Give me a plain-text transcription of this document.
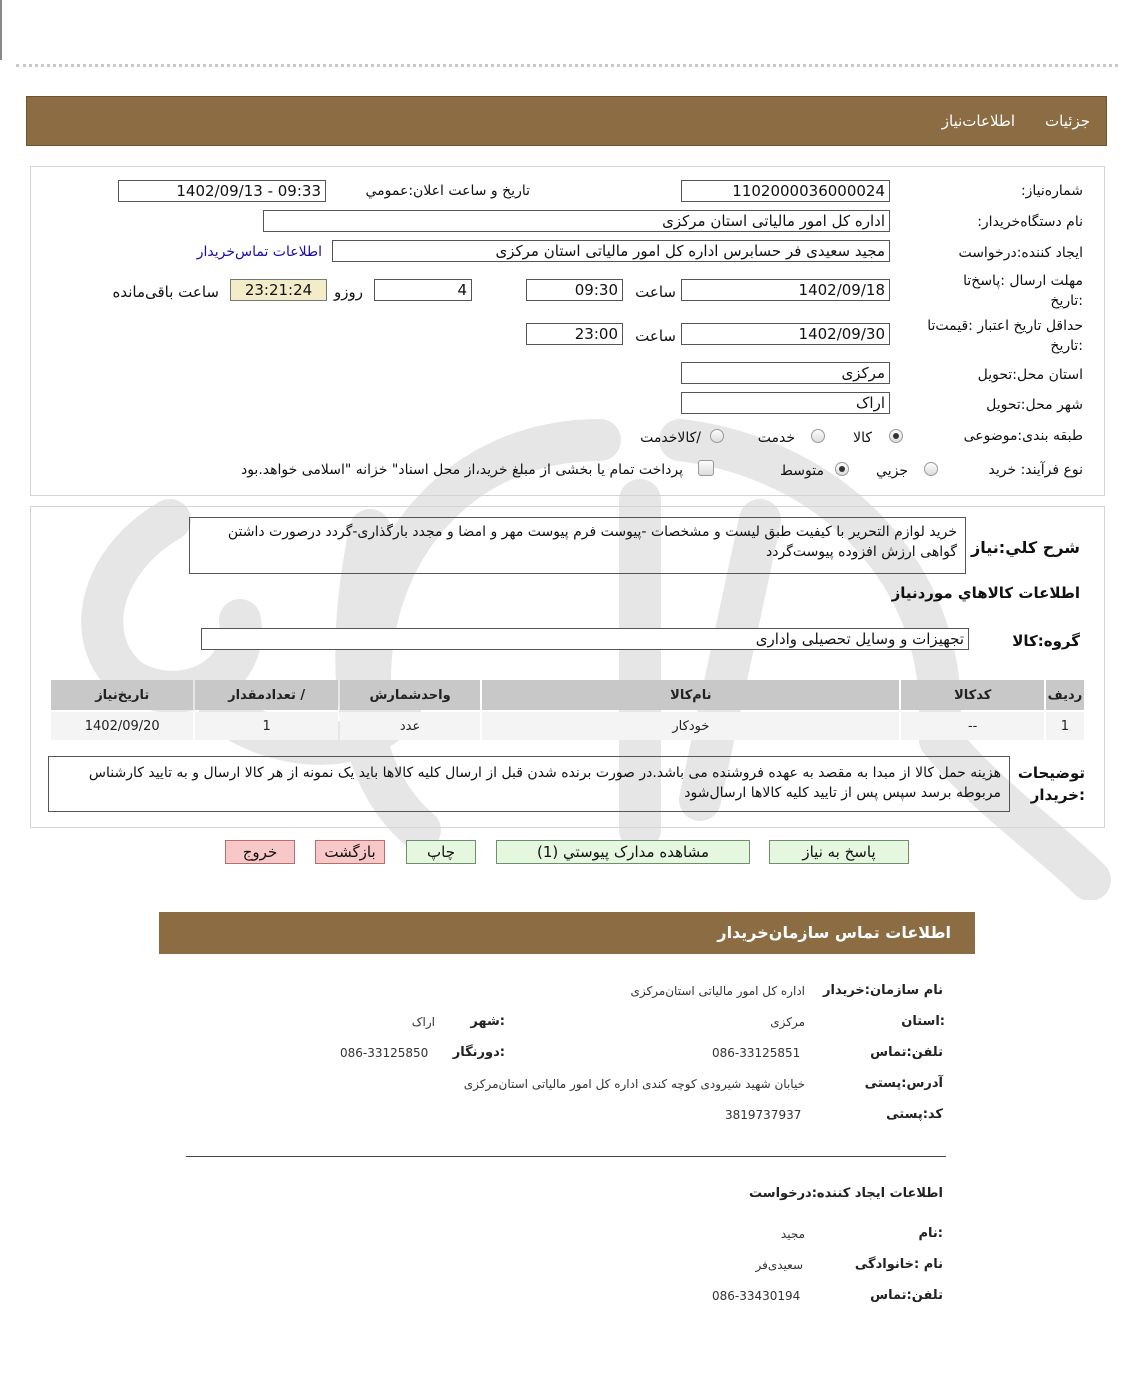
جزئیات
اطلاعات‌نیاز
شماره‌نیاز:
1102000036000024
تاریخ و ساعت اعلان:عمومي
1402/09/13 - 09:33
نام دستگاه‌خریدار:
اداره کل امور مالیاتی استان مرکزی
ایجاد کننده:درخواست
مجید سعیدی فر حسابرس اداره کل امور مالیاتی استان مرکزی
اطلاعات تماس‌خریدار
مهلت ارسال :پاسخ‌تا
:تاریخ
1402/09/18
ساعت
09:30
4
روزو
23:21:24
ساعت باقی‌مانده
حداقل تاریخ اعتبار :قیمت‌تا
:تاریخ
1402/09/30
ساعت
23:00
استان محل:تحویل
مرکزی
شهر محل:تحویل
اراک
طبقه بندی:موضوعی
کالا
خدمت
/کالاخدمت
نوع فرآیند: خرید
جزیي
متوسط
پرداخت تمام یا بخشی از مبلغ خرید،از محل اسناد" خزانه "اسلامی خواهد.بود
شرح کلي:نیاز
خرید لوازم التحریر با کیفیت طبق لیست و مشخصات -پیوست فرم پیوست مهر و امضا و مجدد بارگذاری-گردد درصورت داشتن گواهی ارزش افزوده پیوست‌گردد
اطلاعات کالاهاي موردنیاز
گروه:کالا
تجهیزات و وسایل تحصیلی واداری
ردیف	کدکالا	نام‌کالا	واحدشمارش	/ تعدادمقدار	تاریخ‌نیاز
1	--	خودکار	عدد	1	1402/09/20
توضیحات
:خریدار
هزینه حمل کالا از مبدا به مقصد به عهده فروشنده می باشد.در صورت برنده شدن قبل از ارسال کلیه کالاها باید یک نمونه از هر کالا ارسال و به تایید کارشناس مربوطه برسد سپس پس از تایید کلیه کالاها ارسال‌شود
پاسخ به نیاز
مشاهده مدارک پیوستي (1)
چاپ
بازگشت
خروج
اطلاعات تماس سازمان‌خریدار
نام سازمان:خریدار
اداره کل امور مالیاتی استان‌مرکزی
:استان
مرکزی
:شهر
اراک
تلفن:تماس
086-33125851
:دورنگار
086-33125850
آدرس:پستی
خیابان شهید شیرودی کوچه کندی اداره کل امور مالیاتی استان‌مرکزی
کد:پستی
3819737937
اطلاعات ایجاد کننده:درخواست
:نام
مجید
نام :خانوادگی
سعیدی‌فر
تلفن:تماس
086-33430194
